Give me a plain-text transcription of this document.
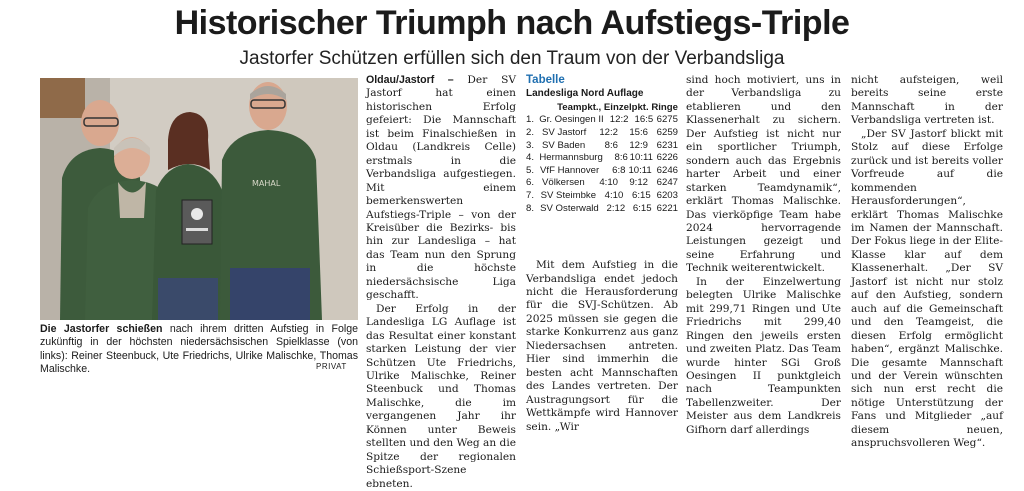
Historischer Triumph nach Aufstiegs-Triple
Jastorfer Schützen erfüllen sich den Traum von der Verbandsliga
MAHAL
Die Jastorfer schießen nach ihrem dritten Aufstieg in Folge zukünftig in der höchsten niedersächsischen Spielklasse (von links): Reiner Steenbuck, Ute Friedrichs, Ulrike Malischke, Thomas Malischke.	PRIVAT

Oldau/Jastorf – Der SV Jastorf hat einen historischen Erfolg gefeiert: Die Mannschaft ist beim Finalschießen in Oldau (Landkreis Celle) erstmals in die Verbandsliga aufgestiegen. Mit einem bemerkenswerten Aufstiegs-Triple – von der Kreisüber die Bezirks- bis hin zur Landesliga – hat das Team nun den Sprung in die höchste niedersächsische Liga geschafft.

Der Erfolg in der Landesliga LG Auflage ist das Resultat einer konstant starken Leistung der vier Schützen Ute Friedrichs, Ulrike Malischke, Reiner Steenbuck und Thomas Malischke, die im vergangenen Jahr ihr Können unter Beweis stellten und den Weg an die Spitze der regionalen Schießsport-Szene ebneten.

Tabelle
Landesliga Nord Auflage
Teampkt., Einzelpkt. Ringe
1. Gr. Oesingen II 12:2 16:5 6275
2. SV Jastorf	12:2	15:6 6259
3. SV Baden	8:6	12:9 6231
4. Hermannsburg	8:6 10:11 6226
5. VfF Hannover	6:8 10:11 6246
6. Völkersen	4:10	9:12 6247
7. SV Steimbke 4:10 6:15 6203
8. SV Osterwald 2:12 6:15 6221

Mit dem Aufstieg in die Verbandsliga endet jedoch nicht die Herausforderung für die SVJ-Schützen. Ab 2025 müssen sie gegen die starke Konkurrenz aus ganz Niedersachsen antreten. Hier sind immerhin die besten acht Mannschaften des Landes vertreten. Der Austragungsort für die Wettkämpfe wird Hannover sein. „Wir

sind hoch motiviert, uns in der Verbandsliga zu etablieren und den Klassenerhalt zu sichern. Der Aufstieg ist nicht nur ein sportlicher Triumph, sondern auch das Ergebnis harter Arbeit und einer starken Teamdynamik“, erklärt Thomas Malischke. Das vierköpfige Team habe 2024 hervorragende Leistungen gezeigt und seine Erfahrung und Technik weiterentwickelt.

In der Einzelwertung belegten Ulrike Malischke mit 299,71 Ringen und Ute Friedrichs mit 299,40 Ringen den jeweils ersten und zweiten Platz. Das Team wurde hinter SGi Groß Oesingen II punktgleich nach Teampunkten Tabellenzweiter. Der Meister aus dem Landkreis Gifhorn darf allerdings

nicht aufsteigen, weil bereits seine erste Mannschaft in der Verbandsliga vertreten ist.

„Der SV Jastorf blickt mit Stolz auf diese Erfolge zurück und ist bereits voller Vorfreude auf die kommenden Herausforderungen“, erklärt Thomas Malischke im Namen der Mannschaft. Der Fokus liege in der Elite-Klasse klar auf dem Klassenerhalt. „Der SV Jastorf ist nicht nur stolz auf den Aufstieg, sondern auch auf die Gemeinschaft und den Teamgeist, die diesen Erfolg ermöglicht haben“, ergänzt Malischke. Die gesamte Mannschaft und der Verein wünschten sich nun erst recht die nötige Unterstützung der Fans und Mitglieder „auf diesem neuen, anspruchsvolleren Weg“.
